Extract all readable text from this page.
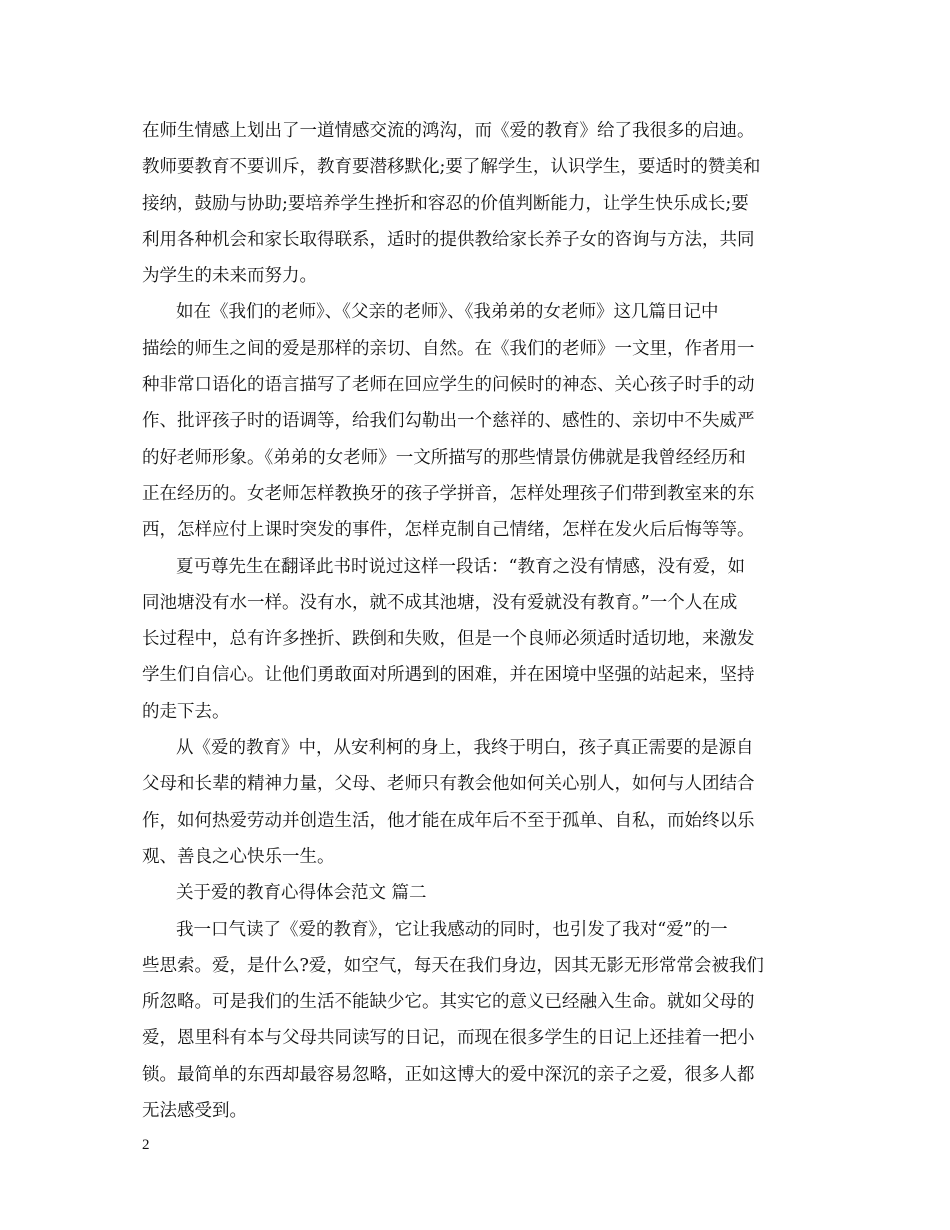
在师生情感上划出了一道情感交流的鸿沟，而《爱的教育》给了我很多的启迪。
教师要教育不要训斥，教育要潜移默化;要了解学生，认识学生，要适时的赞美和
接纳，鼓励与协助;要培养学生挫折和容忍的价值判断能力，让学生快乐成长;要
利用各种机会和家长取得联系，适时的提供教给家长养子女的咨询与方法，共同
为学生的未来而努力。
如在《我们的老师》、《父亲的老师》、《我弟弟的女老师》这几篇日记中
描绘的师生之间的爱是那样的亲切、自然。在《我们的老师》一文里，作者用一
种非常口语化的语言描写了老师在回应学生的问候时的神态、关心孩子时手的动
作、批评孩子时的语调等，给我们勾勒出一个慈祥的、感性的、亲切中不失威严
的好老师形象。《弟弟的女老师》一文所描写的那些情景仿佛就是我曾经经历和
正在经历的。女老师怎样教换牙的孩子学拼音，怎样处理孩子们带到教室来的东
西，怎样应付上课时突发的事件，怎样克制自己情绪，怎样在发火后后悔等等。
夏丏尊先生在翻译此书时说过这样一段话：“教育之没有情感，没有爱，如
同池塘没有水一样。没有水，就不成其池塘，没有爱就没有教育。”一个人在成
长过程中，总有许多挫折、跌倒和失败，但是一个良师必须适时适切地，来激发
学生们自信心。让他们勇敢面对所遇到的困难，并在困境中坚强的站起来，坚持
的走下去。
从《爱的教育》中，从安利柯的身上，我终于明白，孩子真正需要的是源自
父母和长辈的精神力量，父母、老师只有教会他如何关心别人，如何与人团结合
作，如何热爱劳动并创造生活，他才能在成年后不至于孤单、自私，而始终以乐
观、善良之心快乐一生。
关于爱的教育心得体会范文 篇二
我一口气读了《爱的教育》，它让我感动的同时，也引发了我对“爱”的一
些思索。爱，是什么?爱，如空气，每天在我们身边，因其无影无形常常会被我们
所忽略。可是我们的生活不能缺少它。其实它的意义已经融入生命。就如父母的
爱，恩里科有本与父母共同读写的日记，而现在很多学生的日记上还挂着一把小
锁。最简单的东西却最容易忽略，正如这博大的爱中深沉的亲子之爱，很多人都
无法感受到。
2
